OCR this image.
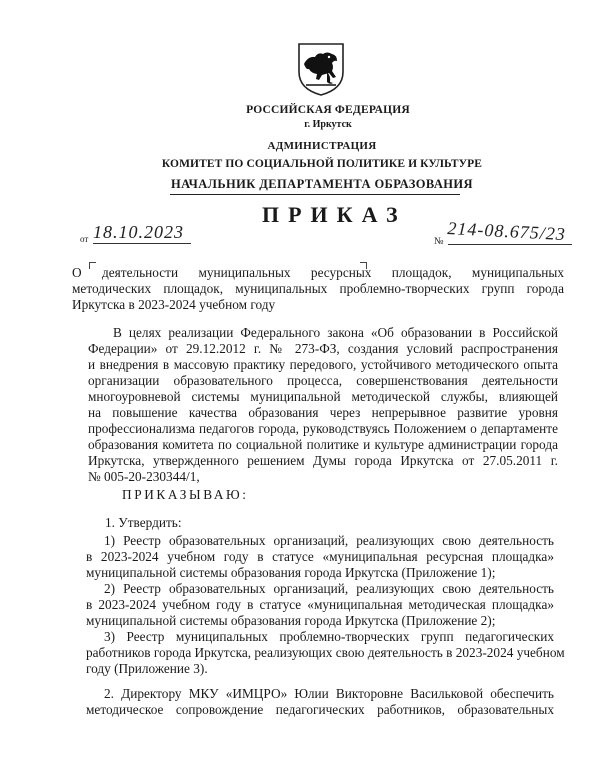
РОССИЙСКАЯ ФЕДЕРАЦИЯ
г. Иркутск
АДМИНИСТРАЦИЯ
КОМИТЕТ ПО СОЦИАЛЬНОЙ ПОЛИТИКЕ И КУЛЬТУРЕ
НАЧАЛЬНИК ДЕПАРТАМЕНТА ОБРАЗОВАНИЯ
ПРИКАЗ
от 18.10.2023	№ 214-08.675/23
О деятельности муниципальных ресурсных площадок, муниципальных
методических площадок, муниципальных проблемно-творческих групп города
Иркутска в 2023-2024 учебном году
В целях реализации Федерального закона «Об образовании в Российской
Федерации» от 29.12.2012 г. № 273-ФЗ, создания условий распространения
и внедрения в массовую практику передового, устойчивого методического опыта
организации образовательного процесса, совершенствования деятельности
многоуровневой системы муниципальной методической службы, влияющей
на повышение качества образования через непрерывное развитие уровня
профессионализма педагогов города, руководствуясь Положением о департаменте
образования комитета по социальной политике и культуре администрации города
Иркутска, утвержденного решением Думы города Иркутска от 27.05.2011 г.
№ 005-20-230344/1,
ПРИКАЗЫВАЮ:
1. Утвердить:
1) Реестр образовательных организаций, реализующих свою деятельность
в 2023-2024 учебном году в статусе «муниципальная ресурсная площадка»
муниципальной системы образования города Иркутска (Приложение 1);
2) Реестр образовательных организаций, реализующих свою деятельность
в 2023-2024 учебном году в статусе «муниципальная методическая площадка»
муниципальной системы образования города Иркутска (Приложение 2);
3) Реестр муниципальных проблемно-творческих групп педагогических
работников города Иркутска, реализующих свою деятельность в 2023-2024 учебном
году (Приложение 3).
2. Директору МКУ «ИМЦРО» Юлии Викторовне Васильковой обеспечить
методическое сопровождение педагогических работников, образовательных
